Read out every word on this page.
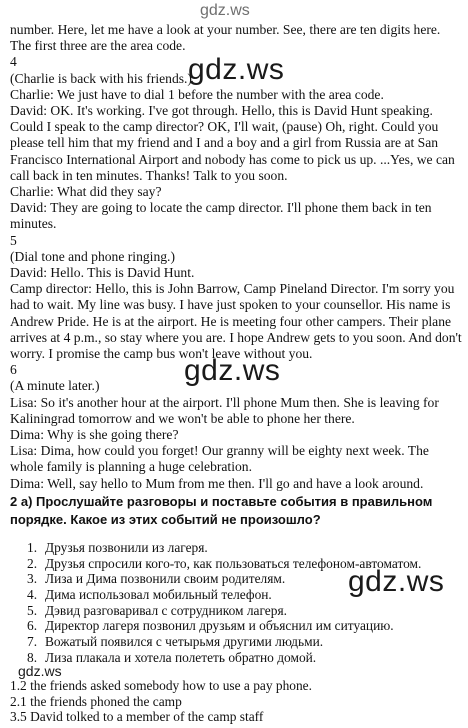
gdz.ws
number. Here, let me have a look at your number. See, there are ten digits here.
The first three are the area code.
4
(Charlie is back with his friends.)
Charlie: We just have to dial 1 before the number with the area code.
David: OK. It's working. I've got through. Hello, this is David Hunt speaking.
Could I speak to the camp director? OK, I'll wait, (pause) Oh, right. Could you
please tell him that my friend and I and a boy and a girl from Russia are at San
Francisco International Airport and nobody has come to pick us up. ...Yes, we can
call back in ten minutes. Thanks! Talk to you soon.
Charlie: What did they say?
David: They are going to locate the camp director. I'll phone them back in ten
minutes.
5
(Dial tone and phone ringing.)
David: Hello. This is David Hunt.
Camp director: Hello, this is John Barrow, Camp Pineland Director. I'm sorry you
had to wait. My line was busy. I have just spoken to your counsellor. His name is
Andrew Pride. He is at the airport. He is meeting four other campers. Their plane
arrives at 4 p.m., so stay where you are. I hope Andrew gets to you soon. And don't
worry. I promise the camp bus won't leave without you.
6
(A minute later.)
Lisa: So it's another hour at the airport. I'll phone Mum then. She is leaving for
Kaliningrad tomorrow and we won't be able to phone her there.
Dima: Why is she going there?
Lisa: Dima, how could you forget! Our granny will be eighty next week. The
whole family is planning a huge celebration.
Dima: Well, say hello to Mum from me then. I'll go and have a look around.
2 а) Прослушайте разговоры и поставьте события в правильном порядке. Какое из этих событий не произошло?
1. Друзья позвонили из лагеря.
2. Друзья спросили кого-то, как пользоваться телефоном-автоматом.
3. Лиза и Дима позвонили своим родителям.
4. Дима использовал мобильный телефон.
5. Дэвид разговаривал с сотрудником лагеря.
6. Директор лагеря позвонил друзьям и объяснил им ситуацию.
7. Вожатый появился с четырьмя другими людьми.
8. Лиза плакала и хотела полететь обратно домой.
1.2 the friends asked somebody how to use a pay phone.
2.1 the friends phoned the camp
3.5 David tolked to a member of the camp staff
gdz.ws
gdz.ws
gdz.ws
gdz.ws
